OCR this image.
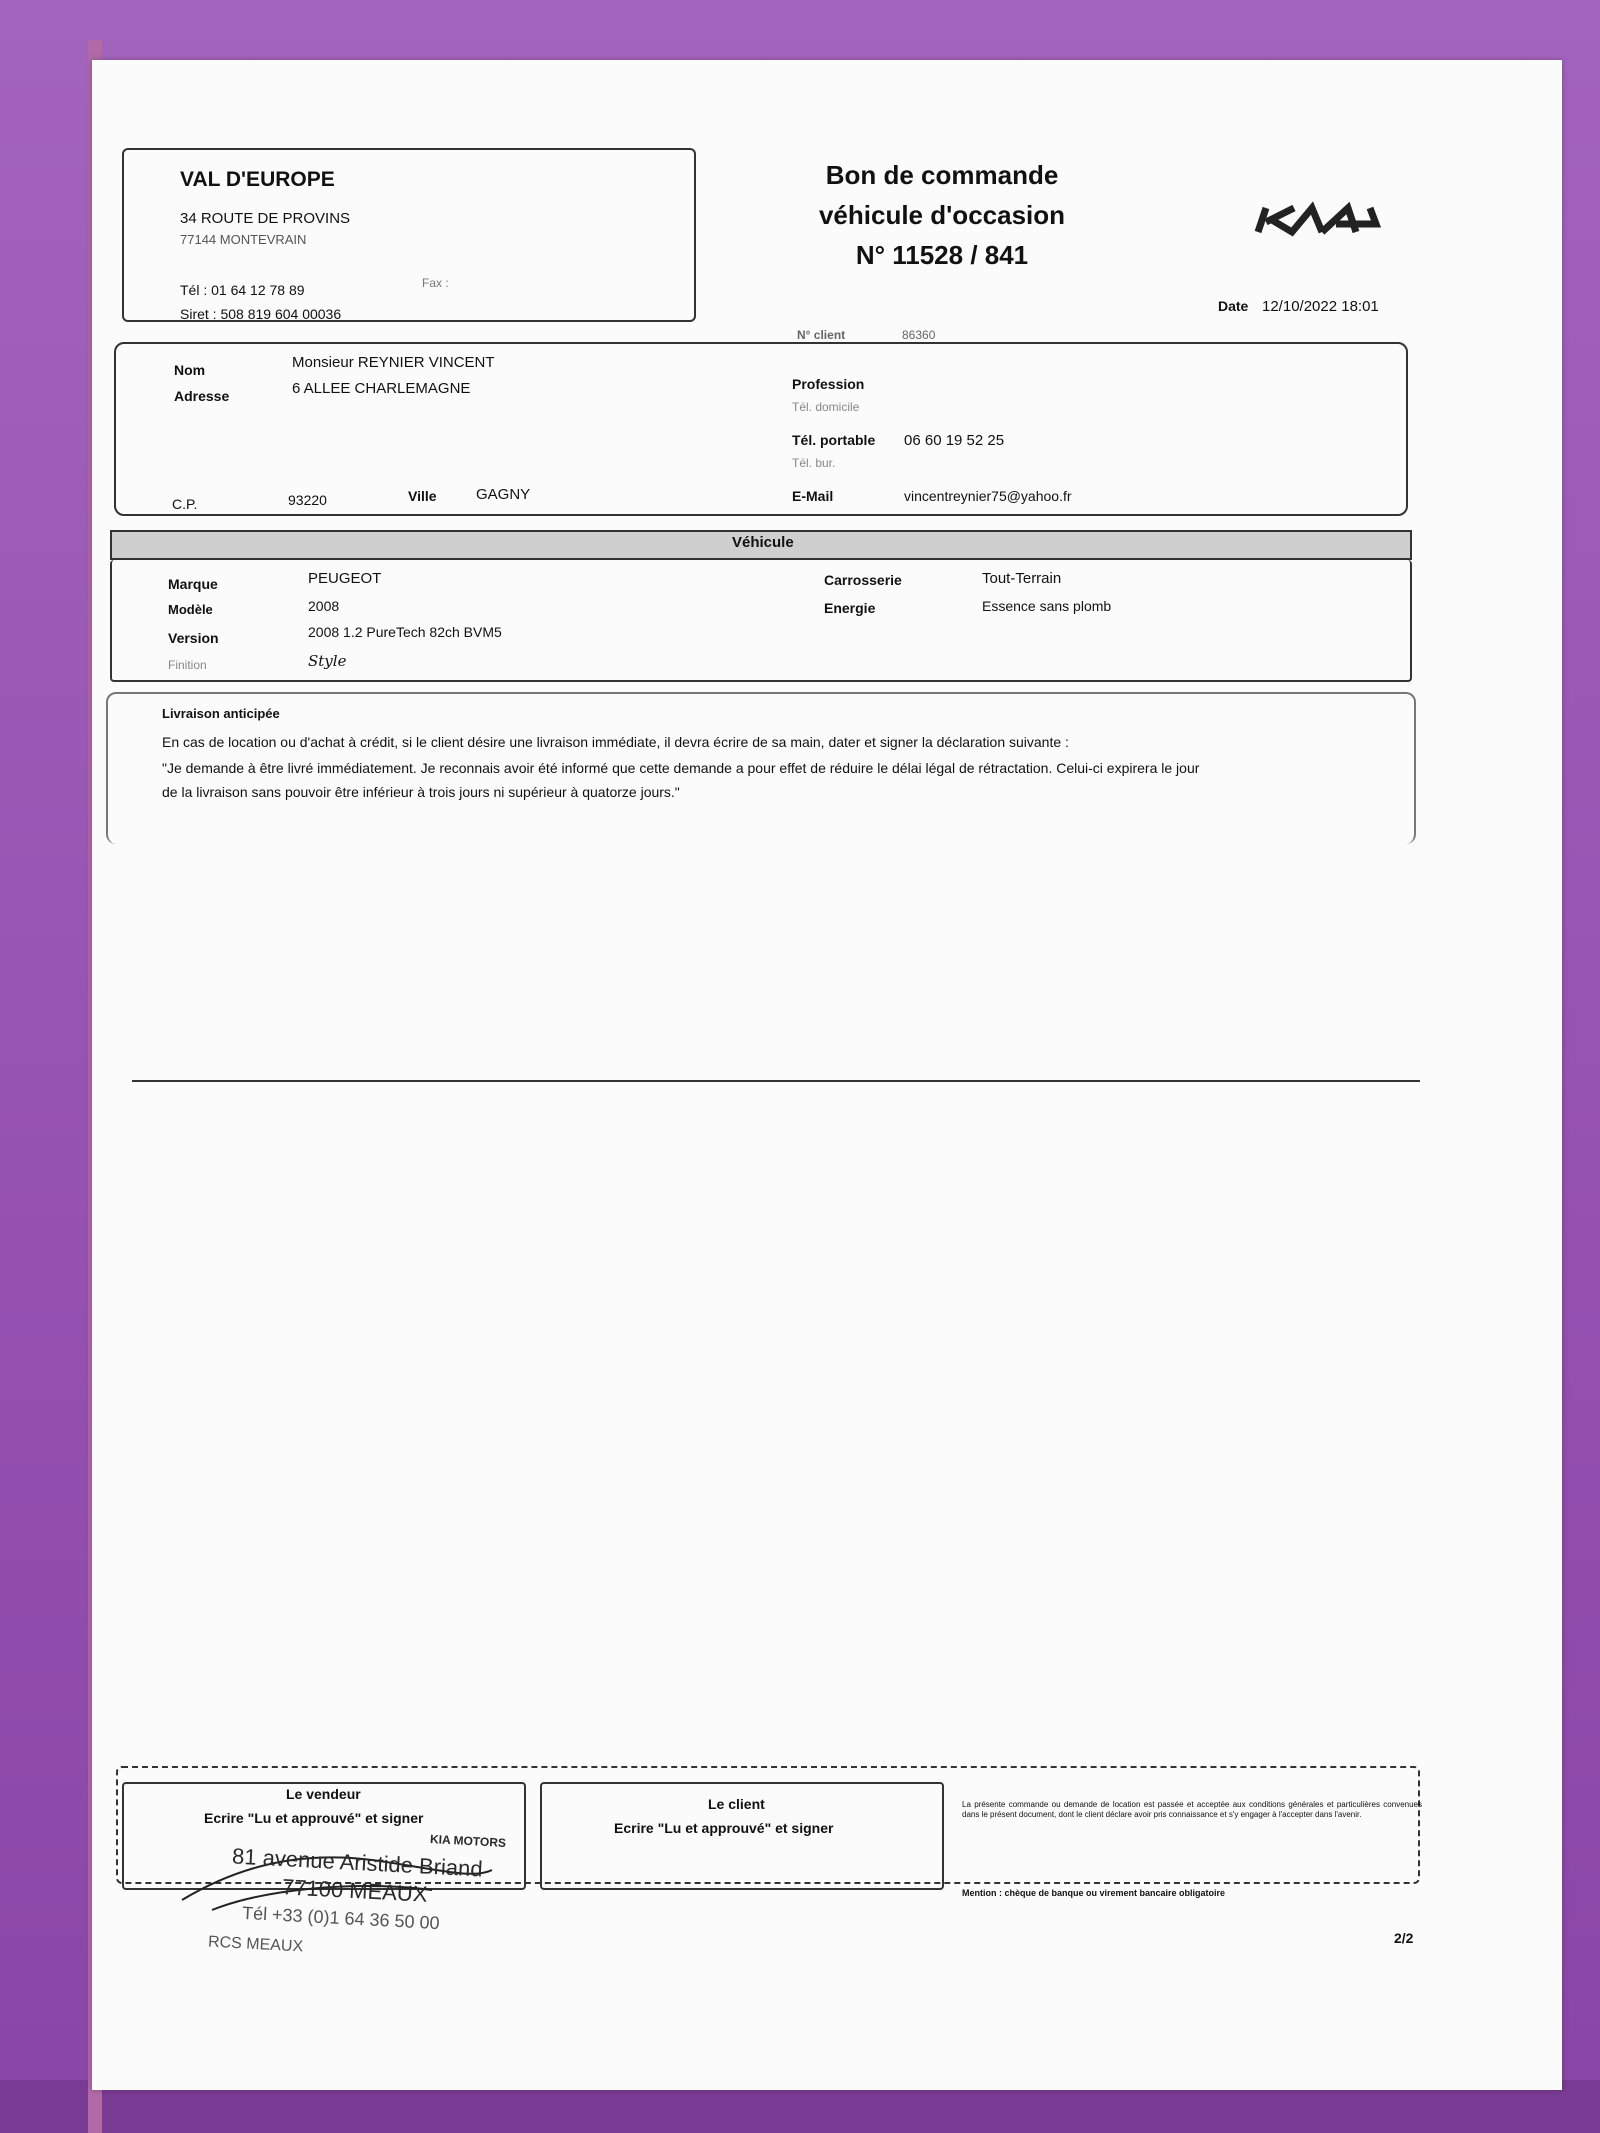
VAL D'EUROPE
34 ROUTE DE PROVINS
77144 MONTEVRAIN
Tél : 01 64 12 78 89	Fax :
Siret : 508 819 604 00036
Bon de commande
véhicule d'occasion
N° 11528 / 841
Date 12/10/2022 18:01
N° client	86360
Nom	Monsieur REYNIER VINCENT
Adresse	6 ALLEE CHARLEMAGNE	Profession
Tél. domicile
Tél. portable 06 60 19 52 25
Tél. bur.
C.P.	93220	Ville	GAGNY	E-Mail	vincentreynier75@yahoo.fr
Véhicule
Marque	PEUGEOT
Modèle	2008
Version	2008 1.2 PureTech 82ch BVM5
Finition	Style
Carrosserie	Tout-Terrain
Energie	Essence sans plomb
Livraison anticipée
En cas de location ou d'achat à crédit, si le client désire une livraison immédiate, il devra écrire de sa main, dater et signer la déclaration suivante :
"Je demande à être livré immédiatement. Je reconnais avoir été informé que cette demande a pour effet de réduire le délai légal de rétractation. Celui-ci expirera le jour
de la livraison sans pouvoir être inférieur à trois jours ni supérieur à quatorze jours."
Le vendeur
Ecrire "Lu et approuvé" et signer
Le client
Ecrire "Lu et approuvé" et signer
La présente commande ou demande de location est passée et acceptée aux conditions générales et particulières convenues dans le présent document, dont le client déclare avoir pris connaissance et s'y engager à l'accepter dans l'avenir.
Mention : chèque de banque ou virement bancaire obligatoire
2/2
KIA MOTORS
81 avenue Aristide Briand
77100 MEAUX
Tél +33 (0)1 64 36 50 00
RCS MEAUX
